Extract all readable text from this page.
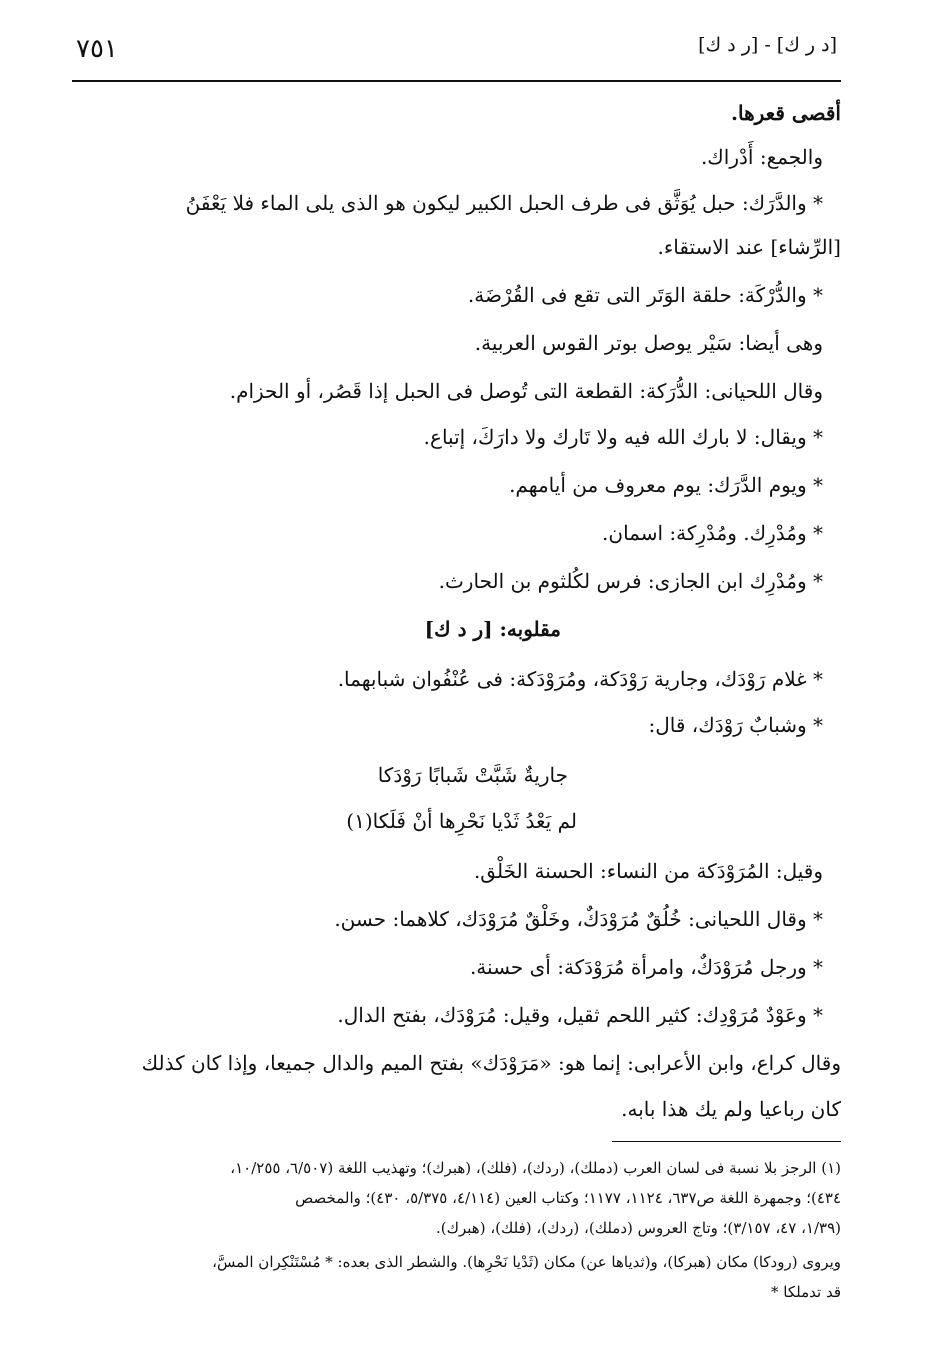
٧٥١	[د ر ك] - [ر د ك]
أقصى قعرها.
والجمع: أَدْراك.
* والدَّرَك: حبل يُوَثَّق فى طرف الحبل الكبير ليكون هو الذى يلى الماء فلا يَعْفَنُ
[الرِّشاء] عند الاستقاء.
* والدُّرْكَة: حلقة الوَتَر التى تقع فى القُرْضَة.
وهى أيضا: سَيْر يوصل بوتر القوس العربية.
وقال اللحيانى: الدُّرَكة: القطعة التى تُوصل فى الحبل إذا قَصُر، أو الحزام.
* ويقال: لا بارك الله فيه ولا تَارك ولا دارَكَ، إتباع.
* ويوم الدَّرَك: يوم معروف من أيامهم.
* ومُدْرِك. ومُدْرِكة: اسمان.
* ومُدْرِك ابن الجازى: فرس لكُلثوم بن الحارث.
مقلوبه: [ر د ك]
* غلام رَوْدَك، وجارية رَوْدَكة، ومُرَوْدَكة: فى عُنْفُوان شبابهما.
* وشبابٌ رَوْدَك، قال:
جاريةٌ شَبَّتْ شَبابًا رَوْدَكا
لم يَعْدُ ثَدْيا نَحْرِها أنْ فَلَكا(١)
وقيل: المُرَوْدَكة من النساء: الحسنة الخَلْق.
* وقال اللحيانى: خُلُقٌ مُرَوْدَكٌ، وخَلْقٌ مُرَوْدَك، كلاهما: حسن.
* ورجل مُرَوْدَكٌ، وامرأة مُرَوْدَكة: أى حسنة.
* وعَوْدٌ مُرَوْدِك: كثير اللحم ثقيل، وقيل: مُرَوْدَك، بفتح الدال.
وقال كراع، وابن الأعرابى: إنما هو: «مَرَوْدَك» بفتح الميم والدال جميعا، وإذا كان كذلك
كان رباعيا ولم يك هذا بابه.
(١) الرجز بلا نسبة فى لسان العرب (دملك)، (ردك)، (فلك)، (هبرك)؛ وتهذيب اللغة (٦/٥٠٧، ١٠/٢٥٥،
٤٣٤)؛ وجمهرة اللغة ص٦٣٧، ١١٢٤، ١١٧٧؛ وكتاب العين (٤/١١٤، ٥/٣٧٥، ٤٣٠)؛ والمخصص
(١/٣٩، ٤٧، ٣/١٥٧)؛ وتاج العروس (دملك)، (ردك)، (فلك)، (هبرك).
ويروى (رودكا) مكان (هبركا)، و(ثدياها عن) مكان (ثَدْيا نَحْرِها). والشطر الذى بعده: * مُسْتَنْكِران المسَّ،
قد تدملكا *
